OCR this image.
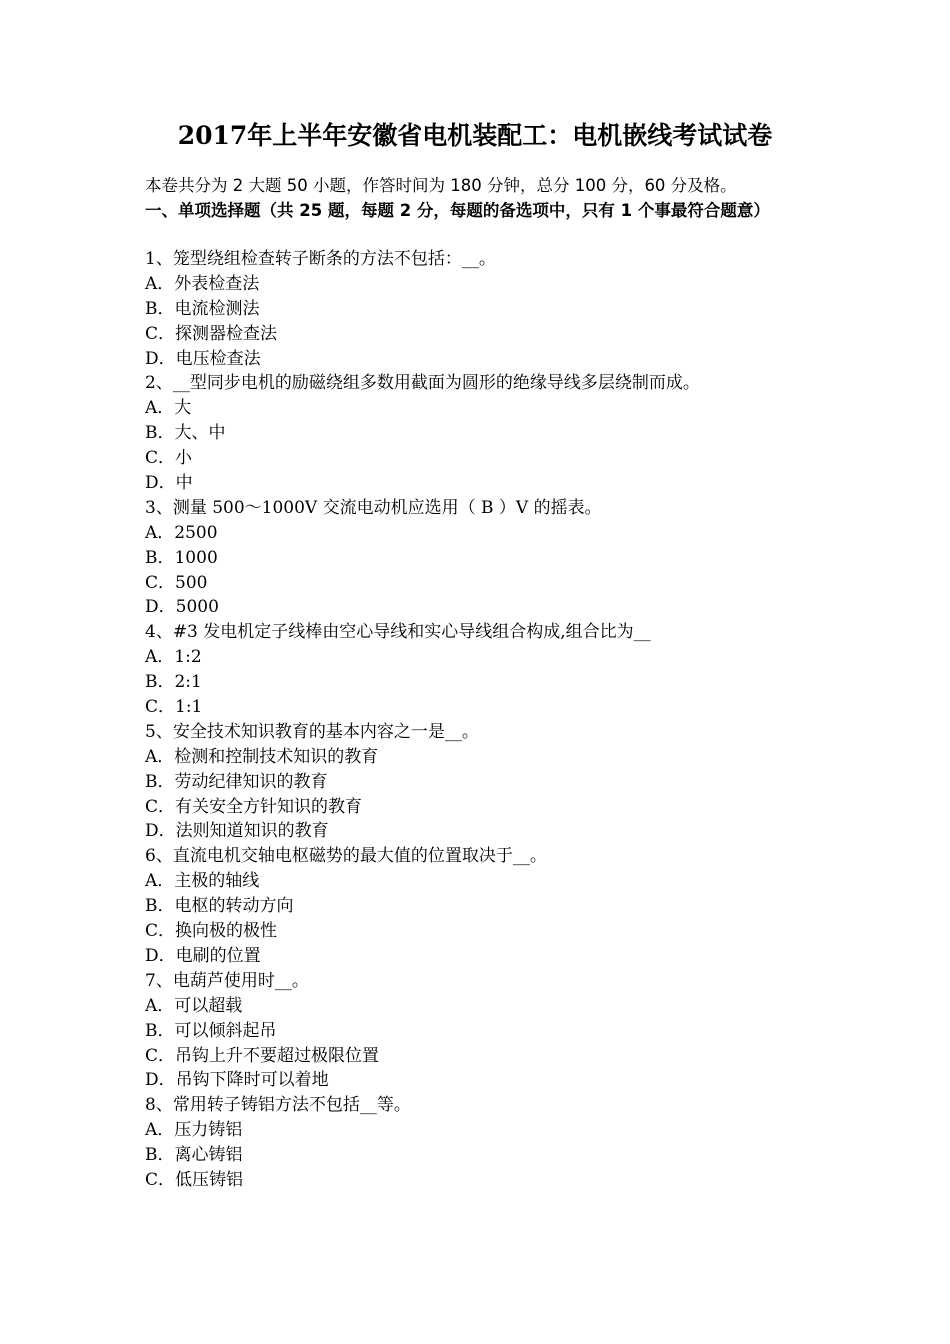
2017年上半年安徽省电机装配工：电机嵌线考试试卷
本卷共分为 2 大题 50 小题，作答时间为 180 分钟，总分 100 分，60 分及格。
一、单项选择题（共 25 题，每题 2 分，每题的备选项中，只有 1 个事最符合题意）
1、笼型绕组检查转子断条的方法不包括：__。
A．外表检查法
B．电流检测法
C．探测器检查法
D．电压检查法
2、__型同步电机的励磁绕组多数用截面为圆形的绝缘导线多层绕制而成。
A．大
B．大、中
C．小
D．中
3、测量 500～1000V 交流电动机应选用（ B ）V 的摇表。
A．2500
B．1000
C．500
D．5000
4、#3 发电机定子线棒由空心导线和实心导线组合构成,组合比为__
A．1:2
B．2:1
C．1:1
5、安全技术知识教育的基本内容之一是__。
A．检测和控制技术知识的教育
B．劳动纪律知识的教育
C．有关安全方针知识的教育
D．法则知道知识的教育
6、直流电机交轴电枢磁势的最大值的位置取决于__。
A．主极的轴线
B．电枢的转动方向
C．换向极的极性
D．电刷的位置
7、电葫芦使用时__。
A．可以超载
B．可以倾斜起吊
C．吊钩上升不要超过极限位置
D．吊钩下降时可以着地
8、常用转子铸铝方法不包括__等。
A．压力铸铝
B．离心铸铝
C．低压铸铝
